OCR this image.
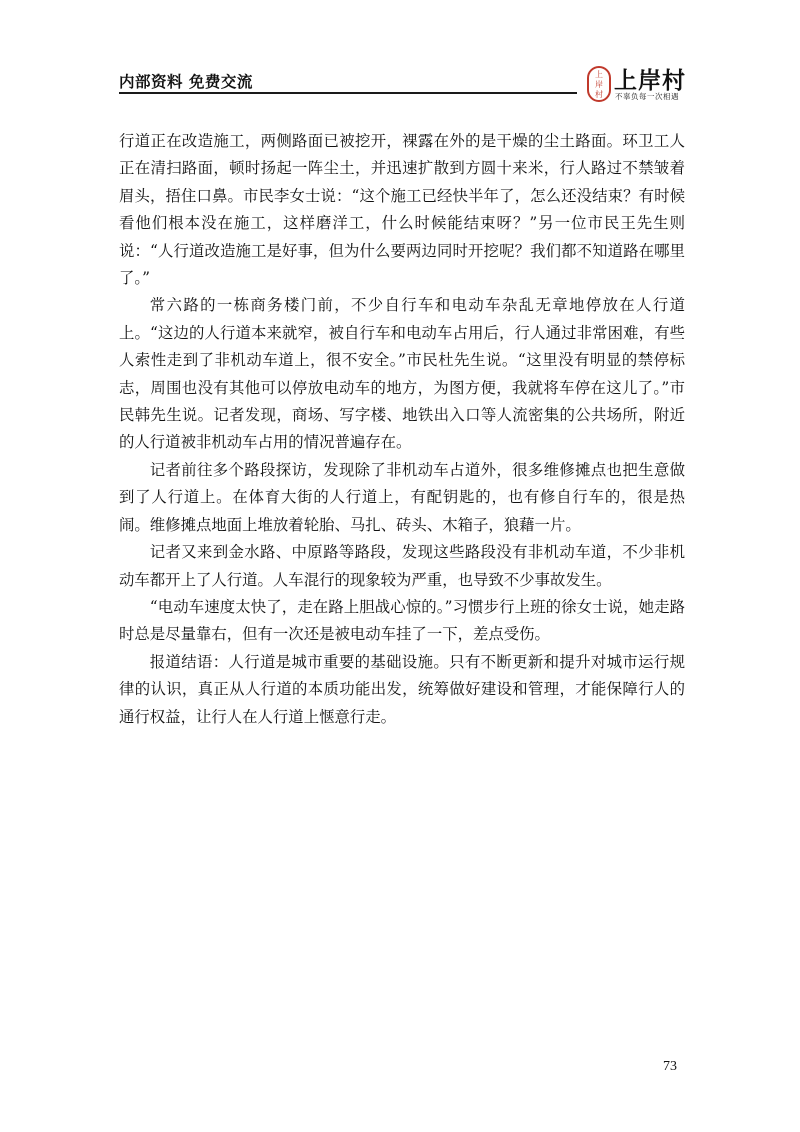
内部资料 免费交流	上
岸
村
上岸村
不辜负每一次相遇

行道正在改造施工，两侧路面已被挖开，裸露在外的是干燥的尘土路面。环卫工人正在清扫路面，顿时扬起一阵尘土，并迅速扩散到方圆十来米，行人路过不禁皱着眉头，捂住口鼻。市民李女士说：“这个施工已经快半年了，怎么还没结束？有时候看他们根本没在施工，这样磨洋工，什么时候能结束呀？”另一位市民王先生则说：“人行道改造施工是好事，但为什么要两边同时开挖呢？我们都不知道路在哪里了。”

常六路的一栋商务楼门前，不少自行车和电动车杂乱无章地停放在人行道上。“这边的人行道本来就窄，被自行车和电动车占用后，行人通过非常困难，有些人索性走到了非机动车道上，很不安全。”市民杜先生说。“这里没有明显的禁停标志，周围也没有其他可以停放电动车的地方，为图方便，我就将车停在这儿了。”市民韩先生说。记者发现，商场、写字楼、地铁出入口等人流密集的公共场所，附近的人行道被非机动车占用的情况普遍存在。

记者前往多个路段探访，发现除了非机动车占道外，很多维修摊点也把生意做到了人行道上。在体育大街的人行道上，有配钥匙的，也有修自行车的，很是热闹。维修摊点地面上堆放着轮胎、马扎、砖头、木箱子，狼藉一片。

记者又来到金水路、中原路等路段，发现这些路段没有非机动车道，不少非机动车都开上了人行道。人车混行的现象较为严重，也导致不少事故发生。

“电动车速度太快了，走在路上胆战心惊的。”习惯步行上班的徐女士说，她走路时总是尽量靠右，但有一次还是被电动车挂了一下，差点受伤。

报道结语：人行道是城市重要的基础设施。只有不断更新和提升对城市运行规律的认识，真正从人行道的本质功能出发，统筹做好建设和管理，才能保障行人的通行权益，让行人在人行道上惬意行走。

73
